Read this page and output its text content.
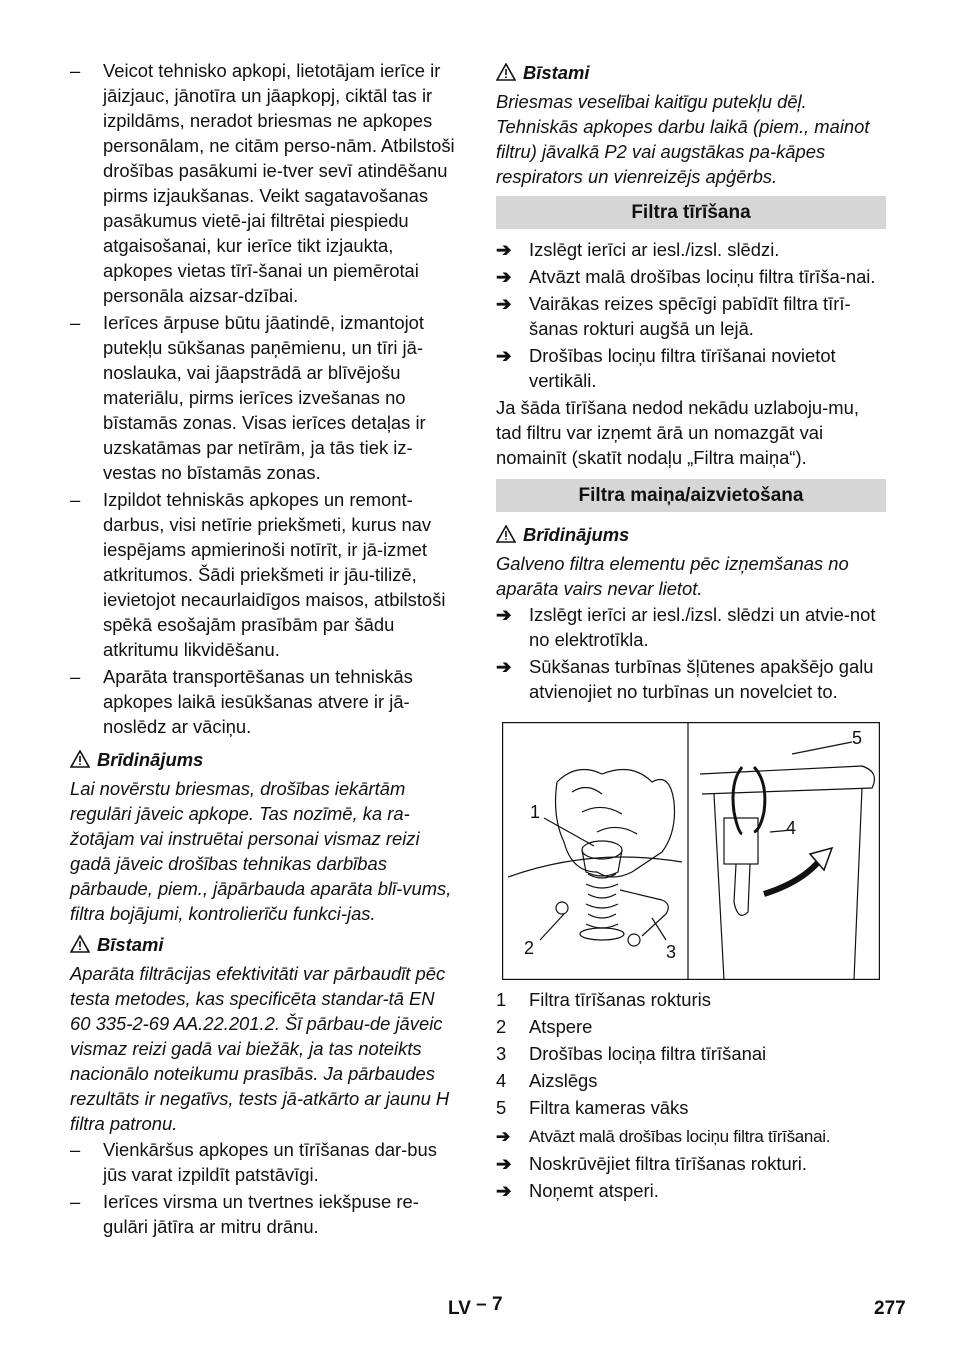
– Veicot tehnisko apkopi, lietotājam ierīce ir jāizjauc, jānotīra un jāapkopj, ciktāl tas ir izpildāms, neradot briesmas ne apkopes personālam, ne citām perso-nām. Atbilstoši drošības pasākumi ie-tver sevī atindēšanu pirms izjaukšanas. Veikt sagatavošanas pasākumus vietē-jai filtrētai piespiedu atgaisošanai, kur ierīce tikt izjaukta, apkopes vietas tīrī-šanai un piemērotai personāla aizsar-dzībai.

– Ierīces ārpuse būtu jāatindē, izmantojot putekļu sūkšanas paņēmienu, un tīri jā-noslauka, vai jāapstrādā ar blīvējošu materiālu, pirms ierīces izvešanas no bīstamās zonas. Visas ierīces detaļas ir uzskatāmas par netīrām, ja tās tiek iz-vestas no bīstamās zonas.

– Izpildot tehniskās apkopes un remont-darbus, visi netīrie priekšmeti, kurus nav iespējams apmierinoši notīrīt, ir jā-izmet atkritumos. Šādi priekšmeti ir jāu-tilizē, ievietojot necaurlaidīgos maisos, atbilstoši spēkā esošajām prasībām par šādu atkritumu likvidēšanu.

– Aparāta transportēšanas un tehniskās apkopes laikā iesūkšanas atvere ir jā-noslēdz ar vāciņu.

Brīdinājums

Lai novērstu briesmas, drošības iekārtām regulāri jāveic apkope. Tas nozīmē, ka ra-žotājam vai instruētai personai vismaz reizi gadā jāveic drošības tehnikas darbības pārbaude, piem., jāpārbauda aparāta blī-vums, filtra bojājumi, kontrolierīču funkci-jas.

Bīstami

Aparāta filtrācijas efektivitāti var pārbaudīt pēc testa metodes, kas specificēta standar-tā EN 60 335-2-69 AA.22.201.2. Šī pārbau-de jāveic vismaz reizi gadā vai biežāk, ja tas noteikts nacionālo noteikumu prasībās. Ja pārbaudes rezultāts ir negatīvs, tests jā-atkārto ar jaunu H filtra patronu.

– Vienkāršus apkopes un tīrīšanas dar-bus jūs varat izpildīt patstāvīgi.

– Ierīces virsma un tvertnes iekšpuse re-gulāri jātīra ar mitru drānu.

Bīstami

Briesmas veselībai kaitīgu putekļu dēļ. Tehniskās apkopes darbu laikā (piem., mainot filtru) jāvalkā P2 vai augstākas pa-kāpes respirators un vienreizējs apģērbs.

Filtra tīrīšana

➔ Izslēgt ierīci ar iesl./izsl. slēdzi.

➔ Atvāzt malā drošības lociņu filtra tīrīša-nai.

➔ Vairākas reizes spēcīgi pabīdīt filtra tīrī-šanas rokturi augšā un lejā.

➔ Drošības lociņu filtra tīrīšanai novietot vertikāli.

Ja šāda tīrīšana nedod nekādu uzlaboju-mu, tad filtru var izņemt ārā un nomazgāt vai nomainīt (skatīt nodaļu „Filtra maiņa“).

Filtra maiņa/aizvietošana

Brīdinājums

Galveno filtra elementu pēc izņemšanas no aparāta vairs nevar lietot.

➔ Izslēgt ierīci ar iesl./izsl. slēdzi un atvie-not no elektrotīkla.

➔ Sūkšanas turbīnas šļūtenes apakšējo galu atvienojiet no turbīnas un novelciet to.

1
2	3
4
5
1 Filtra tīrīšanas rokturis
2 Atspere
3 Drošības lociņa filtra tīrīšanai
4 Aizslēgs
5 Filtra kameras vāks

➔ Atvāzt malā drošības lociņu filtra tīrīšanai.

➔ Noskrūvējiet filtra tīrīšanas rokturi.

➔ Noņemt atsperi.

LV – 7	277
